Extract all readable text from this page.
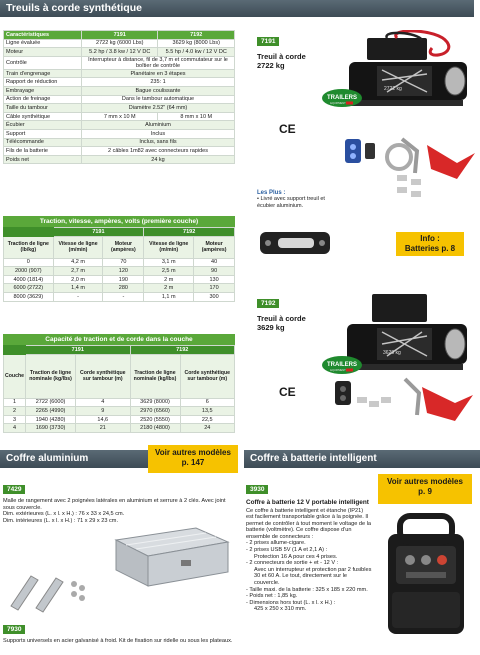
Treuils à corde synthétique
Caractéristiques	7191	7192
Ligne évaluée	2722 kg (6000 Lbs)	3629 kg (8000 Lbs)
Moteur	5.2 hp / 3.8 kw / 12 V DC	5.5 hp / 4.0 kw / 12 V DC
Contrôle	Interrupteur à distance, fil de 3,7 m et commutateur sur le boîtier de contrôle	
Train d'engrenage	Planétaire en 3 étapes	
Rapport de réduction	235: 1	
Embrayage	Bague coulissante	
Action de freinage	Dans le tambour automatique	
Taille du tambour	Diamètre 2.52" (64 mm)	
Câble synthétique	7 mm x 10 M	8 mm x 10 M
Écubier	Aluminium	
Support	Inclus	
Télécommande	Inclus, sans fils	
Fils de la batterie	2 câbles 1m82 avec connecteurs rapides	
Poids net	24 kg	
7191
Treuil à corde
2722 kg
CE
2722 kg
TRAILERS
EQUIPMENT
Les Plus :
• Livré avec support treuil et écubier aluminium.
Info :
Batteries p. 8
Traction, vitesse, ampères, volts (première couche)
	7191		7192	
Traction de ligne (lb/kg)	Vitesse de ligne (m/min)	Moteur (ampères)	Vitesse de ligne (m/min)	Moteur (ampères)
0	4,2 m	70	3,1 m	40
2000 (907)	2,7 m	120	2,5 m	90
4000 (1814)	2,0 m	190	2 m	130
6000 (2722)	1,4 m	280	2 m	170
8000 (3629)	-	-	1,1 m	300
7192
Treuil à corde
3629 kg
CE
3629 kg
TRAILERS
EQUIPMENT
Capacité de traction et de corde dans la couche
	7191		7192	
Couche	Traction de ligne nominale (kg/lbs)	Corde synthétique sur tambour (m)	Traction de ligne nominale (kg/lbs)	Corde synthétique sur tambour (m)
1	2722 (6000)	4	3629 (8000)	6
2	2265 (4990)	9	2970 (6560)	13,5
3	1940 (4280)	14,6	2520 (5550)	22,5
4	1690 (3730)	21	2180 (4800)	24
Coffre aluminium
Voir autres modèles
p. 147
7429
Malle de rangement avec 2 poignées latérales en aluminium et serrure à 2 clés. Avec joint sous couvercle.
Dim. extérieures (L. x l. x H.) : 76 x 33 x 24,5 cm.
Dim. intérieures (L. x l. x H.) : 71 x 29 x 23 cm.
7930
Supports universels en acier galvanisé à froid. Kit de fixation sur ridelle ou sous les plateaux.
Coffre à batterie intelligent
Voir autres modèles
p. 9
3930
Coffre à batterie 12 V portable intelligent
Ce coffre à batterie intelligent et étanche (IP21) est facilement transportable grâce à la poignée. Il permet de contrôler à tout moment le voltage de la batterie (voltmètre). Ce coffre dispose d'un ensemble de connecteurs :
- 2 prises allume-cigare.
- 2 prises USB 5V (1 A et 2,1 A) :
Protection 16 A pour ces 4 prises.
- 2 connecteurs de sortie + et - 12 V :
Avec un interrupteur et protection par 2 fusibles 30 et 60 A. Le tout, directement sur le couvercle.
- Taille maxi. de la batterie : 325 x 185 x 220 mm.
- Poids net : 1,85 kg.
- Dimensions hors tout (L. x l. x H.) :
425 x 250 x 310 mm.
